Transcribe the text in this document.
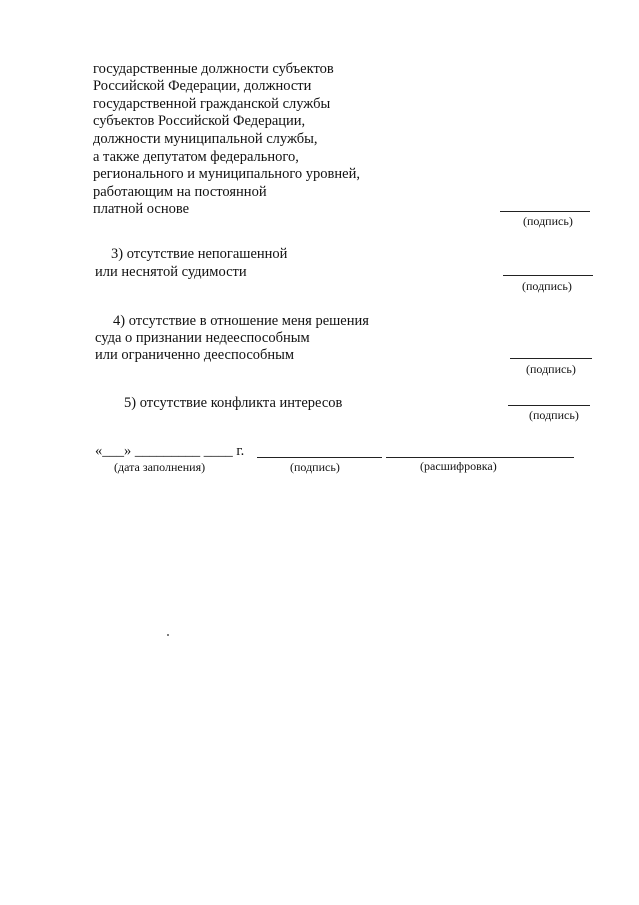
государственные должности субъектов
Российской Федерации, должности
государственной гражданской службы
субъектов Российской Федерации,
должности муниципальной службы,
а также депутатом федерального,
регионального и муниципального уровней,
работающим на постоянной
платной основе
(подпись)
3) отсутствие непогашенной
или неснятой судимости
(подпись)
4) отсутствие в отношение меня решения
суда о признании недееспособным
или ограниченно дееспособным
(подпись)
5) отсутствие конфликта интересов
(подпись)
«___» _________ ____ г.
(дата заполнения)	(подпись)	(расшифровка)
